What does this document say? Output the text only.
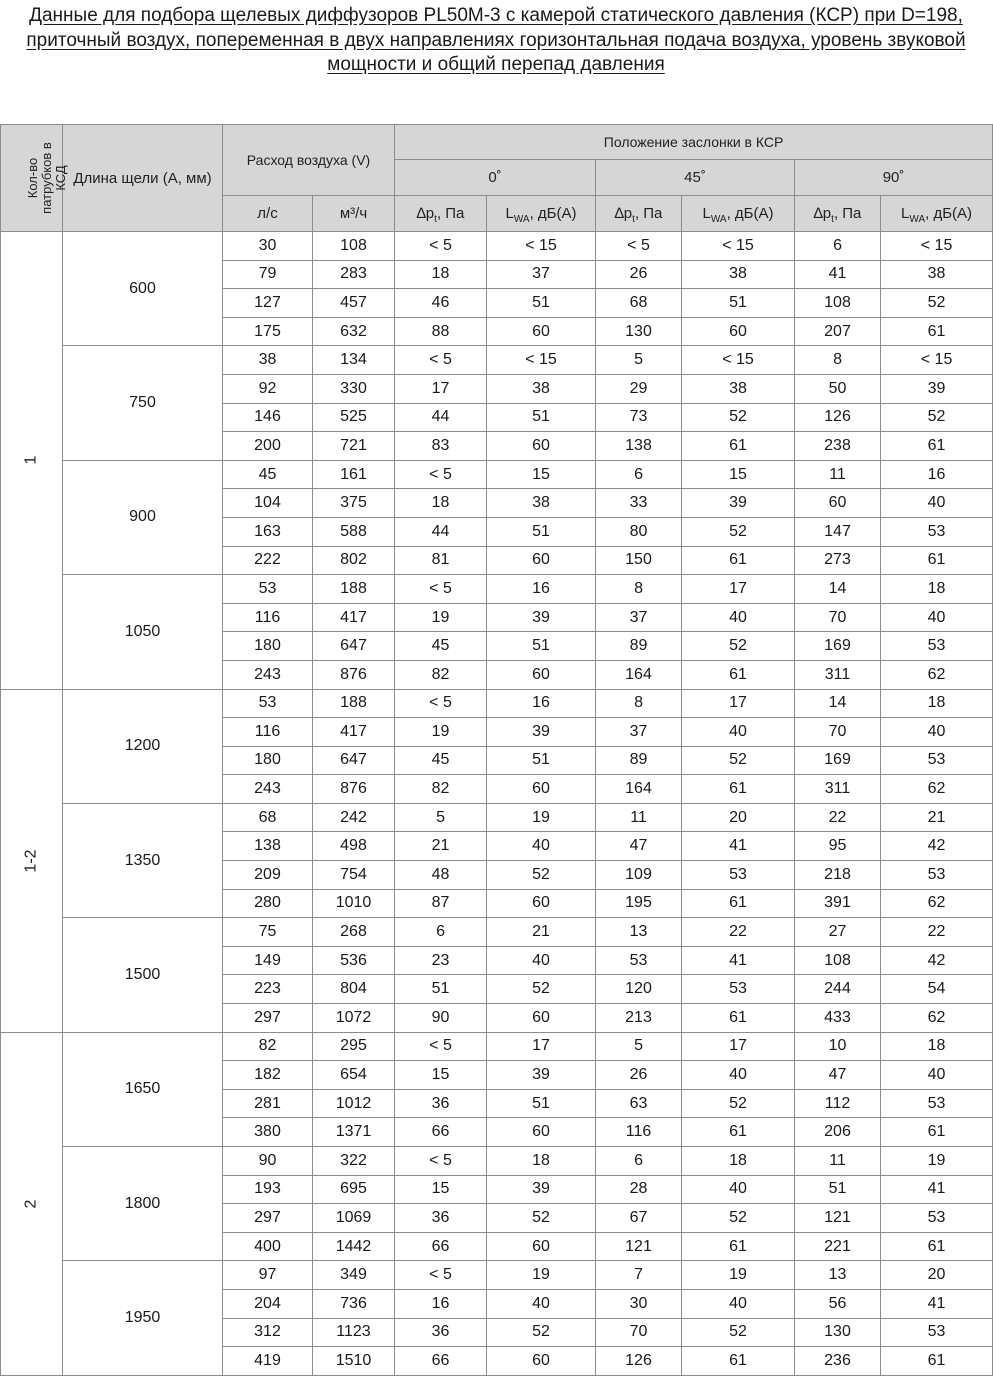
Данные для подбора щелевых диффузоров PL50M-3 с камерой статического давления (КСР) при D=198, приточный воздух, попеременная в двух направлениях горизонтальная подача воздуха, уровень звуковой мощности и общий перепад давления
Кол-во патрубков в КСД	Длина щели (А, мм)	Расход воздуха (V)		Положение заслонки в КСР					
				0˚		45˚		90˚	
		л/с	м³/ч	$\Delta p_t$, Па	$L_{WA}$, дБ(А)	$\Delta p_t$, Па	$L_{WA}$, дБ(А)	$\Delta p_t$, Па	$L_{WA}$, дБ(А)
1	600	30	108	< 5	< 15	< 5	< 15	6	< 15
		79	283	18	37	26	38	41	38
		127	457	46	51	68	51	108	52
		175	632	88	60	130	60	207	61
	750	38	134	< 5	< 15	5	< 15	8	< 15
		92	330	17	38	29	38	50	39
		146	525	44	51	73	52	126	52
		200	721	83	60	138	61	238	61
	900	45	161	< 5	15	6	15	11	16
		104	375	18	38	33	39	60	40
		163	588	44	51	80	52	147	53
		222	802	81	60	150	61	273	61
	1050	53	188	< 5	16	8	17	14	18
		116	417	19	39	37	40	70	40
		180	647	45	51	89	52	169	53
		243	876	82	60	164	61	311	62
1-2	1200	53	188	< 5	16	8	17	14	18
		116	417	19	39	37	40	70	40
		180	647	45	51	89	52	169	53
		243	876	82	60	164	61	311	62
	1350	68	242	5	19	11	20	22	21
		138	498	21	40	47	41	95	42
		209	754	48	52	109	53	218	53
		280	1010	87	60	195	61	391	62
	1500	75	268	6	21	13	22	27	22
		149	536	23	40	53	41	108	42
		223	804	51	52	120	53	244	54
		297	1072	90	60	213	61	433	62
2	1650	82	295	< 5	17	5	17	10	18
		182	654	15	39	26	40	47	40
		281	1012	36	51	63	52	112	53
		380	1371	66	60	116	61	206	61
	1800	90	322	< 5	18	6	18	11	19
		193	695	15	39	28	40	51	41
		297	1069	36	52	67	52	121	53
		400	1442	66	60	121	61	221	61
	1950	97	349	< 5	19	7	19	13	20
		204	736	16	40	30	40	56	41
		312	1123	36	52	70	52	130	53
		419	1510	66	60	126	61	236	61
